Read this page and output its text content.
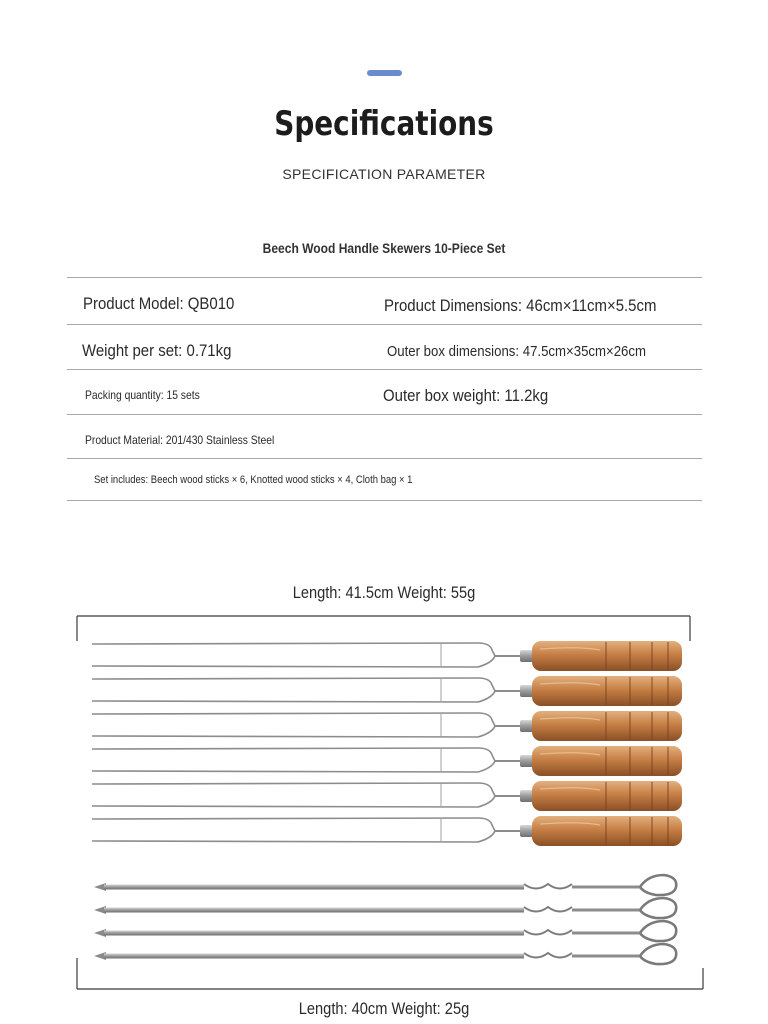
Specifications
SPECIFICATION PARAMETER
Beech Wood Handle Skewers 10-Piece Set
Product Model: QB010	Product Dimensions: 46cm×11cm×5.5cm
Weight per set: 0.71kg	Outer box dimensions: 47.5cm×35cm×26cm
Packing quantity: 15 sets	Outer box weight: 11.2kg
Product Material: 201/430 Stainless Steel
Set includes: Beech wood sticks × 6, Knotted wood sticks × 4, Cloth bag × 1
Length: 41.5cm Weight: 55g
Length: 40cm Weight: 25g
